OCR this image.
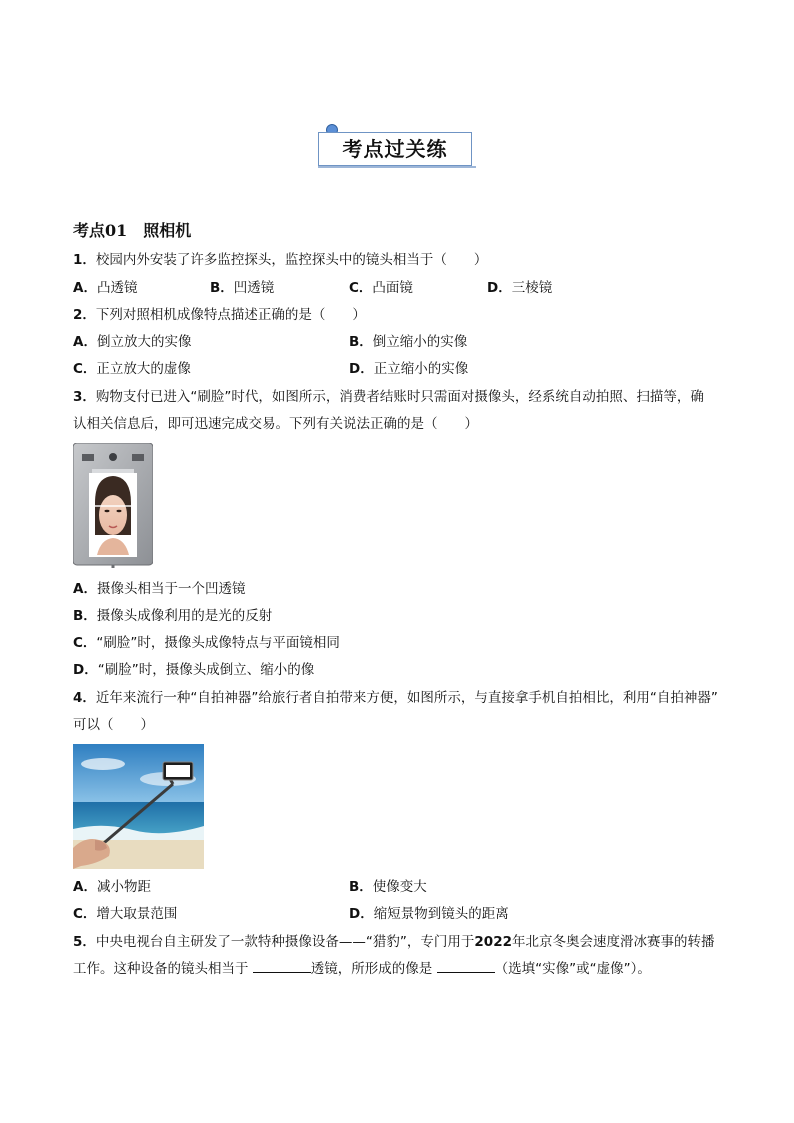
考点过关练
考点01　照相机
1．校园内外安装了许多监控探头，监控探头中的镜头相当于（　　）
A．凸透镜	B．凹透镜	C．凸面镜	D．三棱镜
2．下列对照相机成像特点描述正确的是（　　）
A．倒立放大的实像	B．倒立缩小的实像
C．正立放大的虚像	D．正立缩小的实像
3．购物支付已进入“刷脸”时代，如图所示，消费者结账时只需面对摄像头，经系统自动拍照、扫描等，确
认相关信息后，即可迅速完成交易。下列有关说法正确的是（　　）
A．摄像头相当于一个凹透镜
B．摄像头成像利用的是光的反射
C．“刷脸”时，摄像头成像特点与平面镜相同
D．“刷脸”时，摄像头成倒立、缩小的像
4．近年来流行一种“自拍神器”给旅行者自拍带来方便，如图所示，与直接拿手机自拍相比，利用“自拍神器”
可以（　　）
A．减小物距	B．使像变大
C．增大取景范围	D．缩短景物到镜头的距离
5．中央电视台自主研发了一款特种摄像设备——“猎豹”，专门用于2022年北京冬奥会速度滑冰赛事的转播
工作。这种设备的镜头相当于	透镜，所形成的像是	（选填“实像”或“虚像”）。
